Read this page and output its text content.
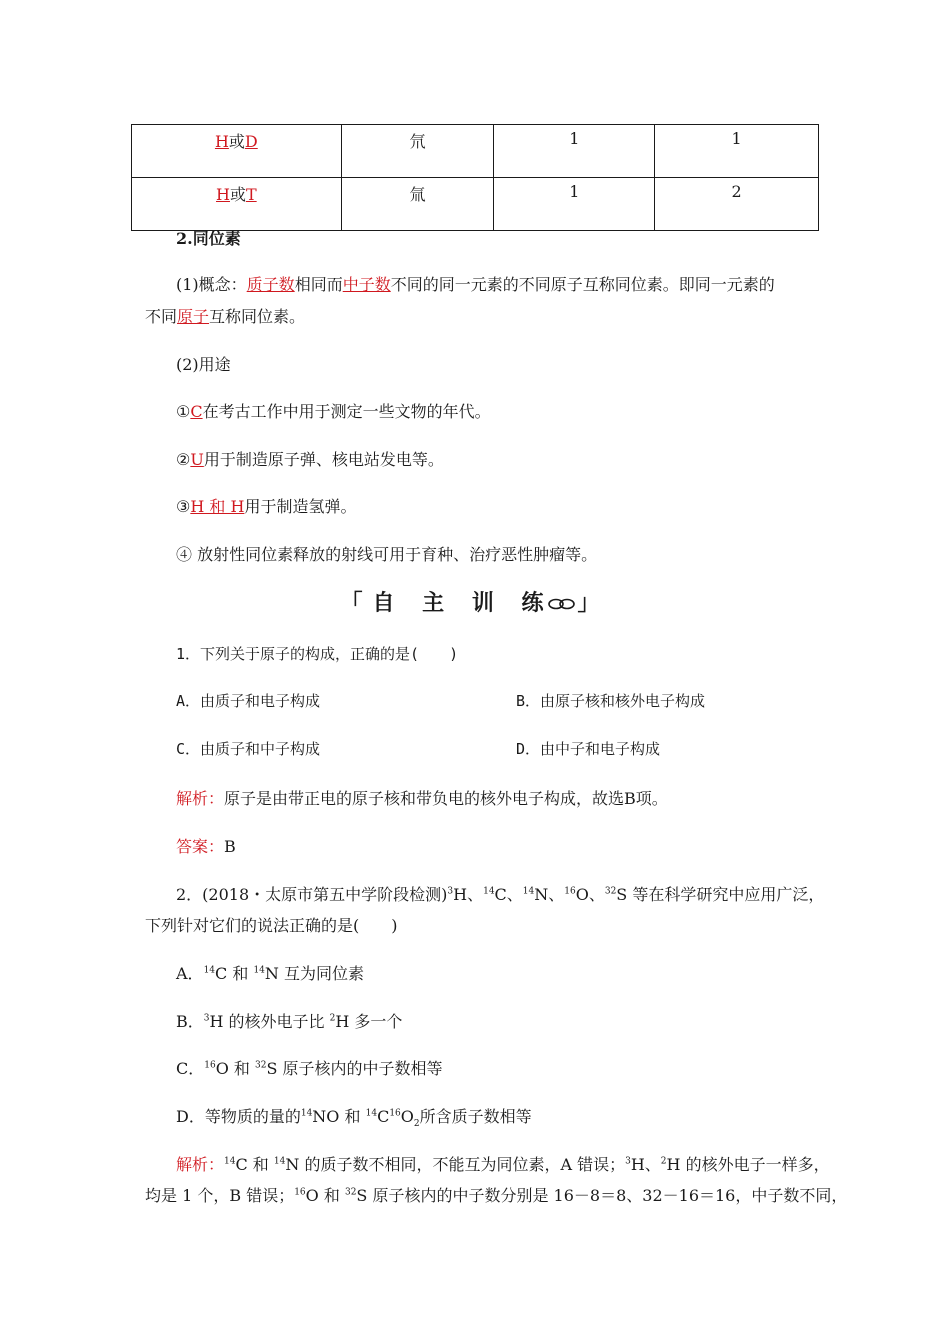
H或D	氘	1	1
H或T	氚	1	2
2.同位素
(1)概念：质子数相同而中子数不同的同一元素的不同原子互称同位素。即同一元素的
不同原子互称同位素。
(2)用途
①C在考古工作中用于测定一些文物的年代。
②U用于制造原子弹、核电站发电等。
③H 和 H用于制造氢弹。
④ 放射性同位素释放的射线可用于育种、治疗恶性肿瘤等。
「自 主 训 练 」
1．下列关于原子的构成，正确的是(　　)
A．由质子和电子构成	B．由原子核和核外电子构成
C．由质子和中子构成	D．由中子和电子构成
解析：原子是由带正电的原子核和带负电的核外电子构成，故选B项。
答案：B
2．(2018・太原市第五中学阶段检测)$^3$H、$^{14}$C、$^{14}$N、$^{16}$O、$^{32}$S 等在科学研究中应用广泛，
下列针对它们的说法正确的是(　　)
A．$^{14}$C 和 $^{14}$N 互为同位素
B．$^3$H 的核外电子比 $^2$H 多一个
C．$^{16}$O 和 $^{32}$S 原子核内的中子数相等
D．等物质的量的$^{14}$NO 和 $^{14}C^{16}O_2$所含质子数相等
解析：$^{14}$C 和 $^{14}$N 的质子数不相同，不能互为同位素，A 错误；$^3$H、$^2$H 的核外电子一样多，
均是 1 个，B 错误；$^{16}$O 和 $^{32}$S 原子核内的中子数分别是 16－8＝8、32－16＝16，中子数不同，
